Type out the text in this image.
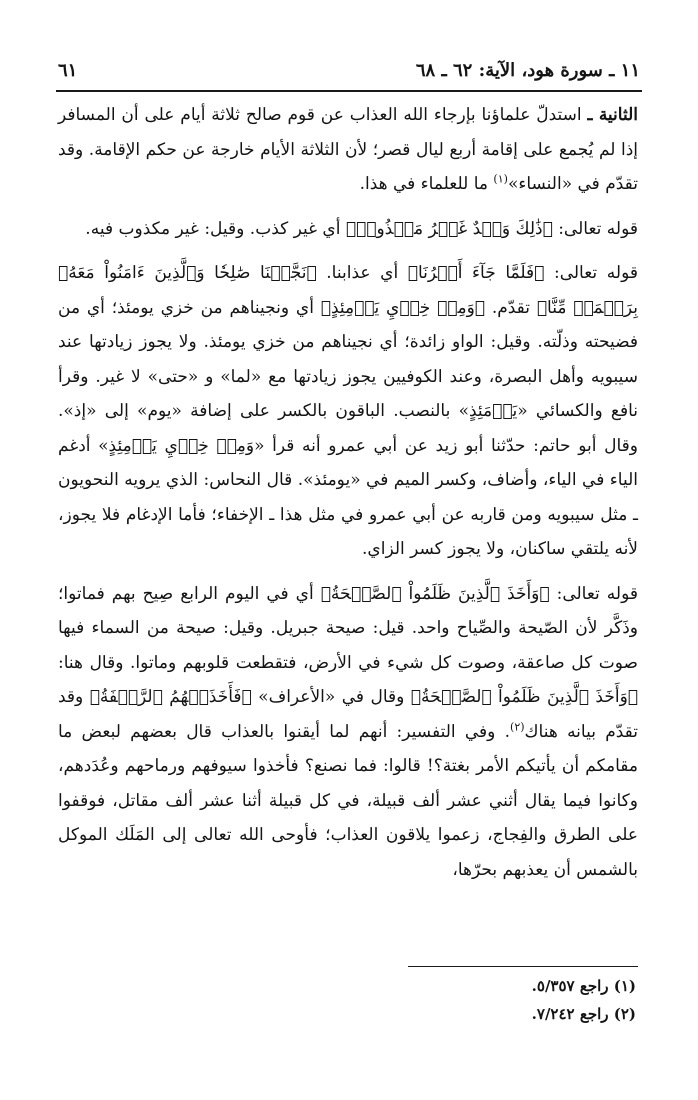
١١ ـ سورة هود، الآية: ٦٢ ـ ٦٨
٦١

الثانية ـ استدلّ علماؤنا بإرجاء الله العذاب عن قوم صالح ثلاثة أيام على أن المسافر إذا لم يُجمع على إقامة أربع ليال قصر؛ لأن الثلاثة الأيام خارجة عن حكم الإقامة. وقد تقدّم في «النساء»$^{(١)}$ ما للعلماء في هذا.

قوله تعالى: ﴿ذَٰلِكَ وَعۡدٌ غَيۡرُ مَكۡذُوبٖ﴾ أي غير كذب. وقيل: غير مكذوب فيه.

قوله تعالى: ﴿فَلَمَّا جَآءَ أَمۡرُنَا﴾ أي عذابنا. ﴿نَجَّيۡنَا صَٰلِحٗا وَٱلَّذِينَ ءَامَنُواْ مَعَهُۥ بِرَحۡمَةٖ مِّنَّا﴾ تقدّم. ﴿وَمِنۡ خِزۡيِ يَوۡمِئِذٍ﴾ أي ونجيناهم من خزي يومئذ؛ أي من فضيحته وذلّته. وقيل: الواو زائدة؛ أي نجيناهم من خزي يومئذ. ولا يجوز زيادتها عند سيبويه وأهل البصرة، وعند الكوفيين يجوز زيادتها مع «لما» و «حتى» لا غير. وقرأ نافع والكسائي «يَوۡمَئِذٍ» بالنصب. الباقون بالكسر على إضافة «يوم» إلى «إذ». وقال أبو حاتم: حدّثنا أبو زيد عن أبي عمرو أنه قرأ «وَمِنۡ خِزۡيِ يَوۡمِئِذٍ» أدغم الياء في الياء، وأضاف، وكسر الميم في «يومئذ». قال النحاس: الذي يرويه النحويون ـ مثل سيبويه ومن قاربه عن أبي عمرو في مثل هذا ـ الإخفاء؛ فأما الإدغام فلا يجوز، لأنه يلتقي ساكنان، ولا يجوز كسر الزاي.

قوله تعالى: ﴿وَأَخَذَ ٱلَّذِينَ ظَلَمُواْ ٱلصَّيۡحَةُ﴾ أي في اليوم الرابع صِيح بهم فماتوا؛ وذَكَّر لأن الصّيحة والصِّياح واحد. قيل: صيحة جبريل. وقيل: صيحة من السماء فيها صوت كل صاعقة، وصوت كل شيء في الأرض، فتقطعت قلوبهم وماتوا. وقال هنا: ﴿وَأَخَذَ ٱلَّذِينَ ظَلَمُواْ ٱلصَّيۡحَةُ﴾ وقال في «الأعراف» ﴿فَأَخَذَتۡهُمُ ٱلرَّجۡفَةُ﴾ وقد تقدّم بيانه هناك$^{(٢)}$. وفي التفسير: أنهم لما أيقنوا بالعذاب قال بعضهم لبعض ما مقامكم أن يأتيكم الأمر بغتة؟! قالوا: فما نصنع؟ فأخذوا سيوفهم ورماحهم وعُدَدهم، وكانوا فيما يقال أثني عشر ألف قبيلة، في كل قبيلة أثنا عشر ألف مقاتل، فوقفوا على الطرق والفِجاج، زعموا يلاقون العذاب؛ فأوحى الله تعالى إلى المَلَك الموكل بالشمس أن يعذبهم بحرّها،

(١) راجع ٥/٣٥٧.
(٢) راجع ٧/٢٤٢.
